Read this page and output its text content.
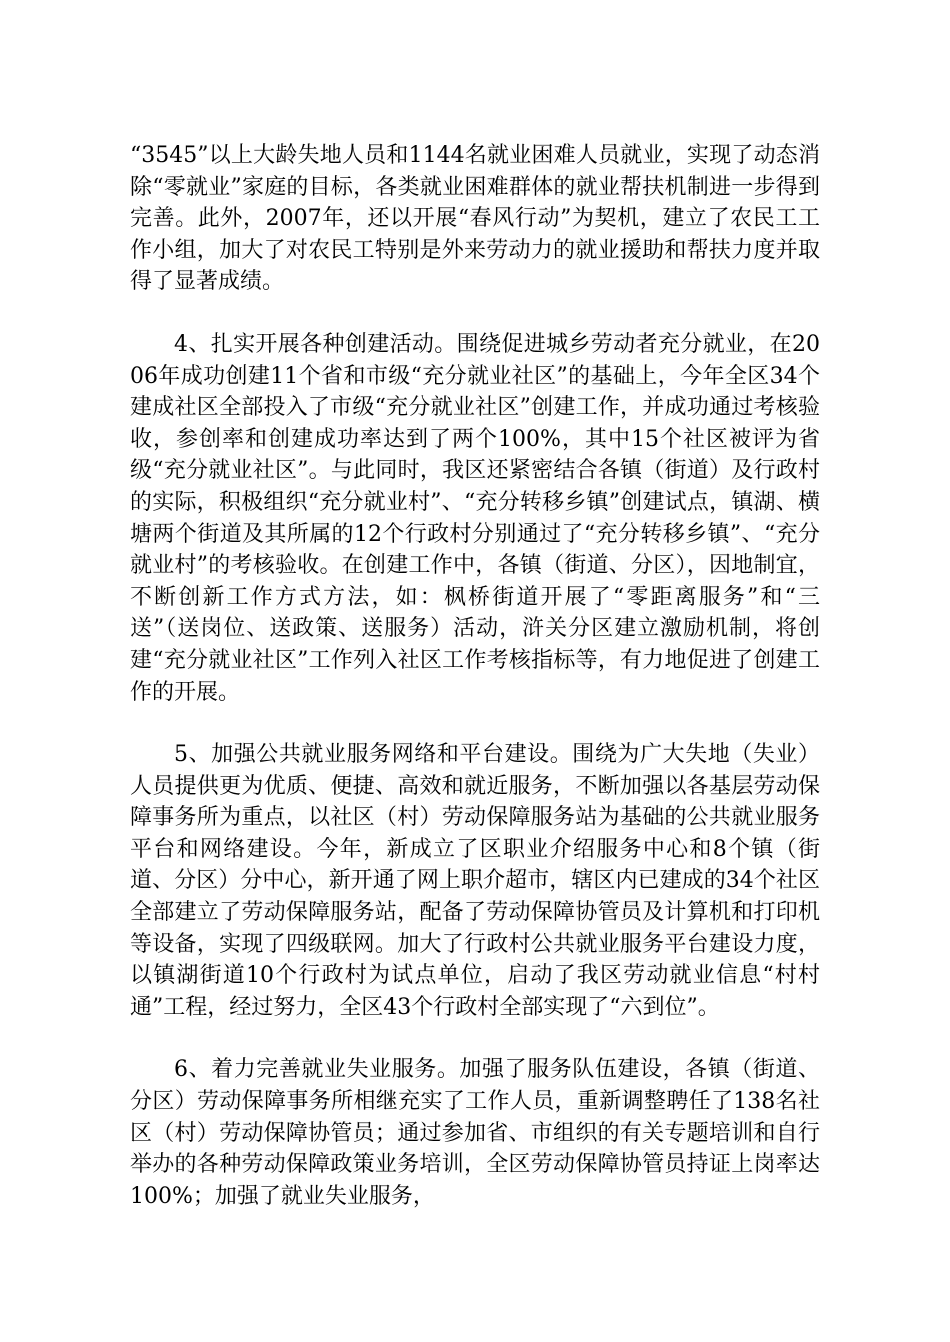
“3545”以上大龄失地人员和1144名就业困难人员就业，实现了动态消除“零就业”家庭的目标，各类就业困难群体的就业帮扶机制进一步得到完善。此外，2007年，还以开展“春风行动”为契机，建立了农民工工作小组，加大了对农民工特别是外来劳动力的就业援助和帮扶力度并取得了显著成绩。

4、扎实开展各种创建活动。围绕促进城乡劳动者充分就业，在2006年成功创建11个省和市级“充分就业社区”的基础上，今年全区34个建成社区全部投入了市级“充分就业社区”创建工作，并成功通过考核验收，参创率和创建成功率达到了两个100%，其中15个社区被评为省级“充分就业社区”。与此同时，我区还紧密结合各镇（街道）及行政村的实际，积极组织“充分就业村”、“充分转移乡镇”创建试点，镇湖、横塘两个街道及其所属的12个行政村分别通过了“充分转移乡镇”、“充分就业村”的考核验收。在创建工作中，各镇（街道、分区），因地制宜，不断创新工作方式方法，如：枫桥街道开展了“零距离服务”和“三送”（送岗位、送政策、送服务）活动，浒关分区建立激励机制，将创建“充分就业社区”工作列入社区工作考核指标等，有力地促进了创建工作的开展。

5、加强公共就业服务网络和平台建设。围绕为广大失地（失业）人员提供更为优质、便捷、高效和就近服务，不断加强以各基层劳动保障事务所为重点，以社区（村）劳动保障服务站为基础的公共就业服务平台和网络建设。今年，新成立了区职业介绍服务中心和8个镇（街道、分区）分中心，新开通了网上职介超市，辖区内已建成的34个社区全部建立了劳动保障服务站，配备了劳动保障协管员及计算机和打印机等设备，实现了四级联网。加大了行政村公共就业服务平台建设力度，以镇湖街道10个行政村为试点单位，启动了我区劳动就业信息“村村通”工程，经过努力，全区43个行政村全部实现了“六到位”。

6、着力完善就业失业服务。加强了服务队伍建设，各镇（街道、分区）劳动保障事务所相继充实了工作人员，重新调整聘任了138名社区（村）劳动保障协管员；通过参加省、市组织的有关专题培训和自行举办的各种劳动保障政策业务培训，全区劳动保障协管员持证上岗率达100%；加强了就业失业服务，
